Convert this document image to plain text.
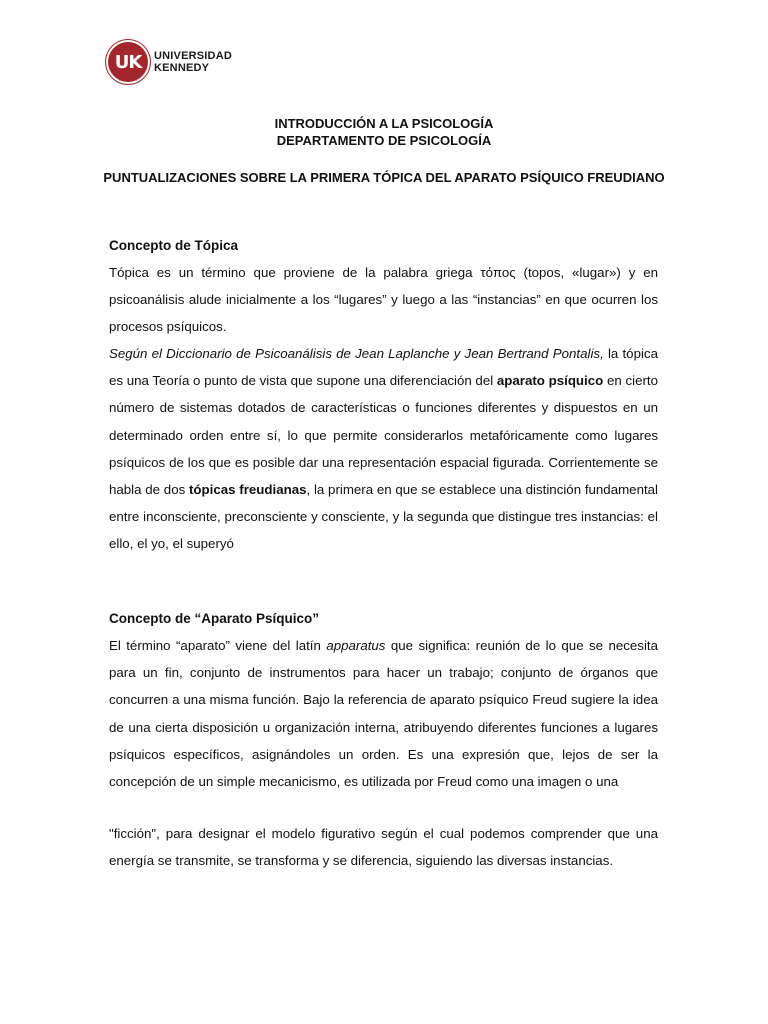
UK	UNIVERSIDAD
KENNEDY
INTRODUCCIÓN A LA PSICOLOGÍA
DEPARTAMENTO DE PSICOLOGÍA
PUNTUALIZACIONES SOBRE LA PRIMERA TÓPICA DEL APARATO PSÍQUICO FREUDIANO
Concepto de Tópica
Tópica es un término que proviene de la palabra griega τόπος (topos, «lugar») y en psicoanálisis alude inicialmente a los “lugares” y luego a las “instancias” en que ocurren los procesos psíquicos.
Según el Diccionario de Psicoanálisis de Jean Laplanche y Jean Bertrand Pontalis, la tópica es una Teoría o punto de vista que supone una diferenciación del aparato psíquico en cierto número de sistemas dotados de características o funciones diferentes y dispuestos en un determinado orden entre sí, lo que permite considerarlos metafóricamente como lugares psíquicos de los que es posible dar una representación espacial figurada. Corrientemente se habla de dos tópicas freudianas, la primera en que se establece una distinción fundamental entre inconsciente, preconsciente y consciente, y la segunda que distingue tres instancias: el ello, el yo, el superyó
Concepto de “Aparato Psíquico”
El término “aparato” viene del latín apparatus que significa: reunión de lo que se necesita para un fin, conjunto de instrumentos para hacer un trabajo; conjunto de órganos que concurren a una misma función. Bajo la referencia de aparato psíquico Freud sugiere la idea de una cierta disposición u organización interna, atribuyendo diferentes funciones a lugares psíquicos específicos, asignándoles un orden. Es una expresión que, lejos de ser la concepción de un simple mecanicismo, es utilizada por Freud como una imagen o una
"ficción", para designar el modelo figurativo según el cual podemos comprender que una energía se transmite, se transforma y se diferencia, siguiendo las diversas instancias.
